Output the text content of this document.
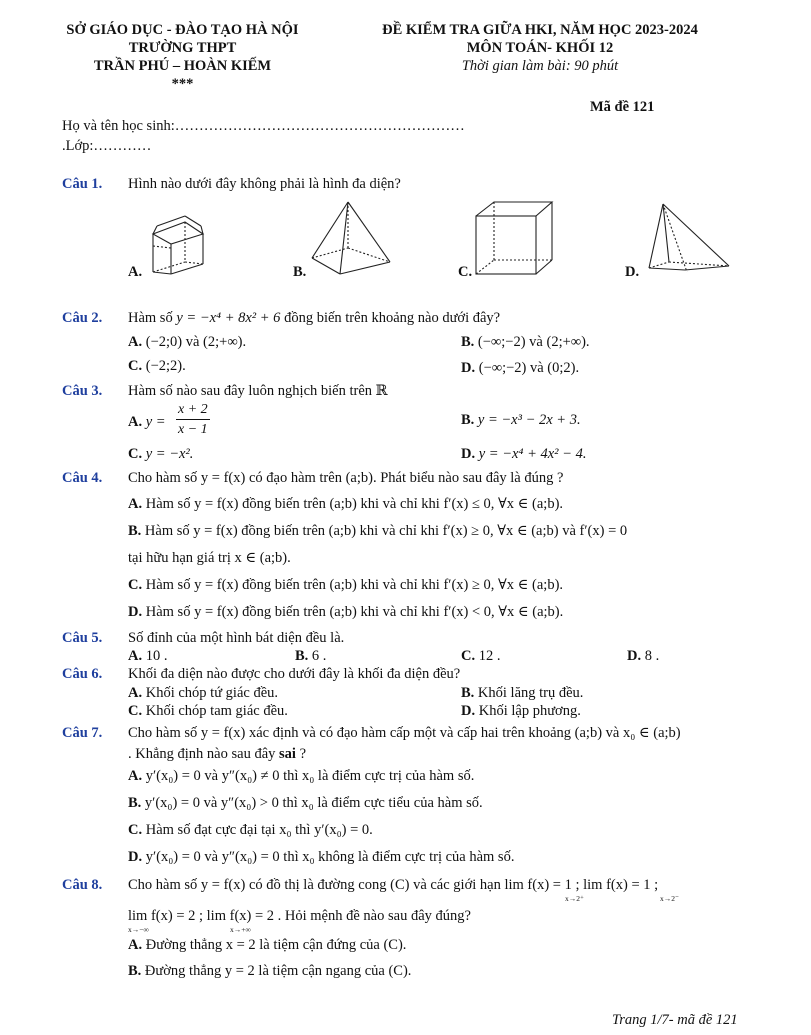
SỞ GIÁO DỤC - ĐÀO TẠO HÀ NỘI
TRƯỜNG THPT
TRẦN PHÚ – HOÀN KIẾM
***
ĐỀ KIỂM TRA GIỮA HKI, NĂM HỌC 2023-2024
MÔN TOÁN- KHỐI 12
Thời gian làm bài: 90 phút
Mã đề 121
Họ và tên học sinh:……………………………………………………
.Lớp:…………
Câu 1. Hình nào dưới đây không phải là hình đa diện?
A.	B.	C.	D.
Câu 2. Hàm số y = −x⁴ + 8x² + 6 đồng biến trên khoảng nào dưới đây?
A. (−2;0) và (2;+∞).	B. (−∞;−2) và (2;+∞).
C. (−2;2).	D. (−∞;−2) và (0;2).
Câu 3. Hàm số nào sau đây luôn nghịch biến trên ℝ
A. y =
x + 2
x − 1
B. y = −x³ − 2x + 3.
C. y = −x².	D. y = −x⁴ + 4x² − 4.
Câu 4. Cho hàm số y = f(x) có đạo hàm trên (a;b). Phát biểu nào sau đây là đúng ?
A. Hàm số y = f(x) đồng biến trên (a;b) khi và chỉ khi f′(x) ≤ 0, ∀x ∈ (a;b).
B. Hàm số y = f(x) đồng biến trên (a;b) khi và chỉ khi f′(x) ≥ 0, ∀x ∈ (a;b) và f′(x) = 0
tại hữu hạn giá trị x ∈ (a;b).
C. Hàm số y = f(x) đồng biến trên (a;b) khi và chỉ khi f′(x) ≥ 0, ∀x ∈ (a;b).
D. Hàm số y = f(x) đồng biến trên (a;b) khi và chỉ khi f′(x) < 0, ∀x ∈ (a;b).
Câu 5. Số đỉnh của một hình bát diện đều là.
A. 10 .	B. 6 .	C. 12 .	D. 8 .
Câu 6. Khối đa diện nào được cho dưới đây là khối đa diện đều?
A. Khối chóp tứ giác đều.	B. Khối lăng trụ đều.
C. Khối chóp tam giác đều.	D. Khối lập phương.
Câu 7. Cho hàm số y = f(x) xác định và có đạo hàm cấp một và cấp hai trên khoảng (a;b) và x₀ ∈ (a;b)
. Khẳng định nào sau đây sai ?
A. y′(x₀) = 0 và y″(x₀) ≠ 0 thì x₀ là điểm cực trị của hàm số.
B. y′(x₀) = 0 và y″(x₀) > 0 thì x₀ là điểm cực tiểu của hàm số.
C. Hàm số đạt cực đại tại x₀ thì y′(x₀) = 0.
D. y′(x₀) = 0 và y″(x₀) = 0 thì x₀ không là điểm cực trị của hàm số.
Câu 8. Cho hàm số y = f(x) có đồ thị là đường cong (C) và các giới hạn lim f(x) = 1 ; lim f(x) = 1 ;
x→2⁺	x→2⁻
lim f(x) = 2 ; lim f(x) = 2 . Hỏi mệnh đề nào sau đây đúng?
x→−∞	x→+∞
A. Đường thẳng x = 2 là tiệm cận đứng của (C).
B. Đường thẳng y = 2 là tiệm cận ngang của (C).
Trang 1/7- mã đề 121
